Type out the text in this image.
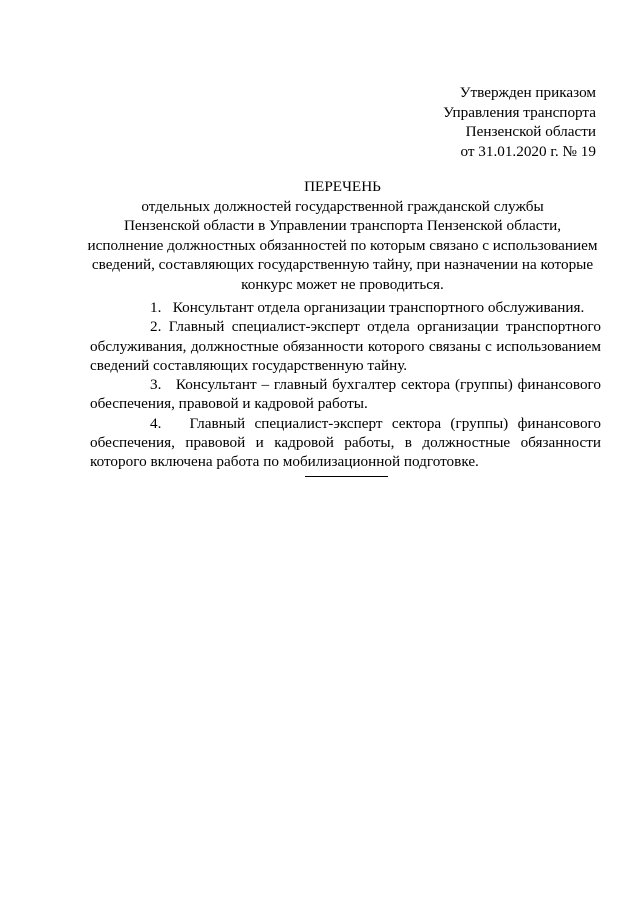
Утвержден приказом
Управления транспорта
Пензенской области
от 31.01.2020 г. № 19
ПЕРЕЧЕНЬ
отдельных должностей государственной гражданской службы
Пензенской области в Управлении транспорта Пензенской области,
исполнение должностных обязанностей по которым связано с использованием
сведений, составляющих государственную тайну, при назначении на которые
конкурс может не проводиться.

1. Консультант отдела организации транспортного обслуживания.

2. Главный специалист-эксперт отдела организации транспортного обслуживания, должностные обязанности которого связаны с использованием сведений составляющих государственную тайну.

3. Консультант – главный бухгалтер сектора (группы) финансового обеспечения, правовой и кадровой работы.

4. Главный специалист-эксперт сектора (группы) финансового обеспечения, правовой и кадровой работы, в должностные обязанности которого включена работа по мобилизационной подготовке.
